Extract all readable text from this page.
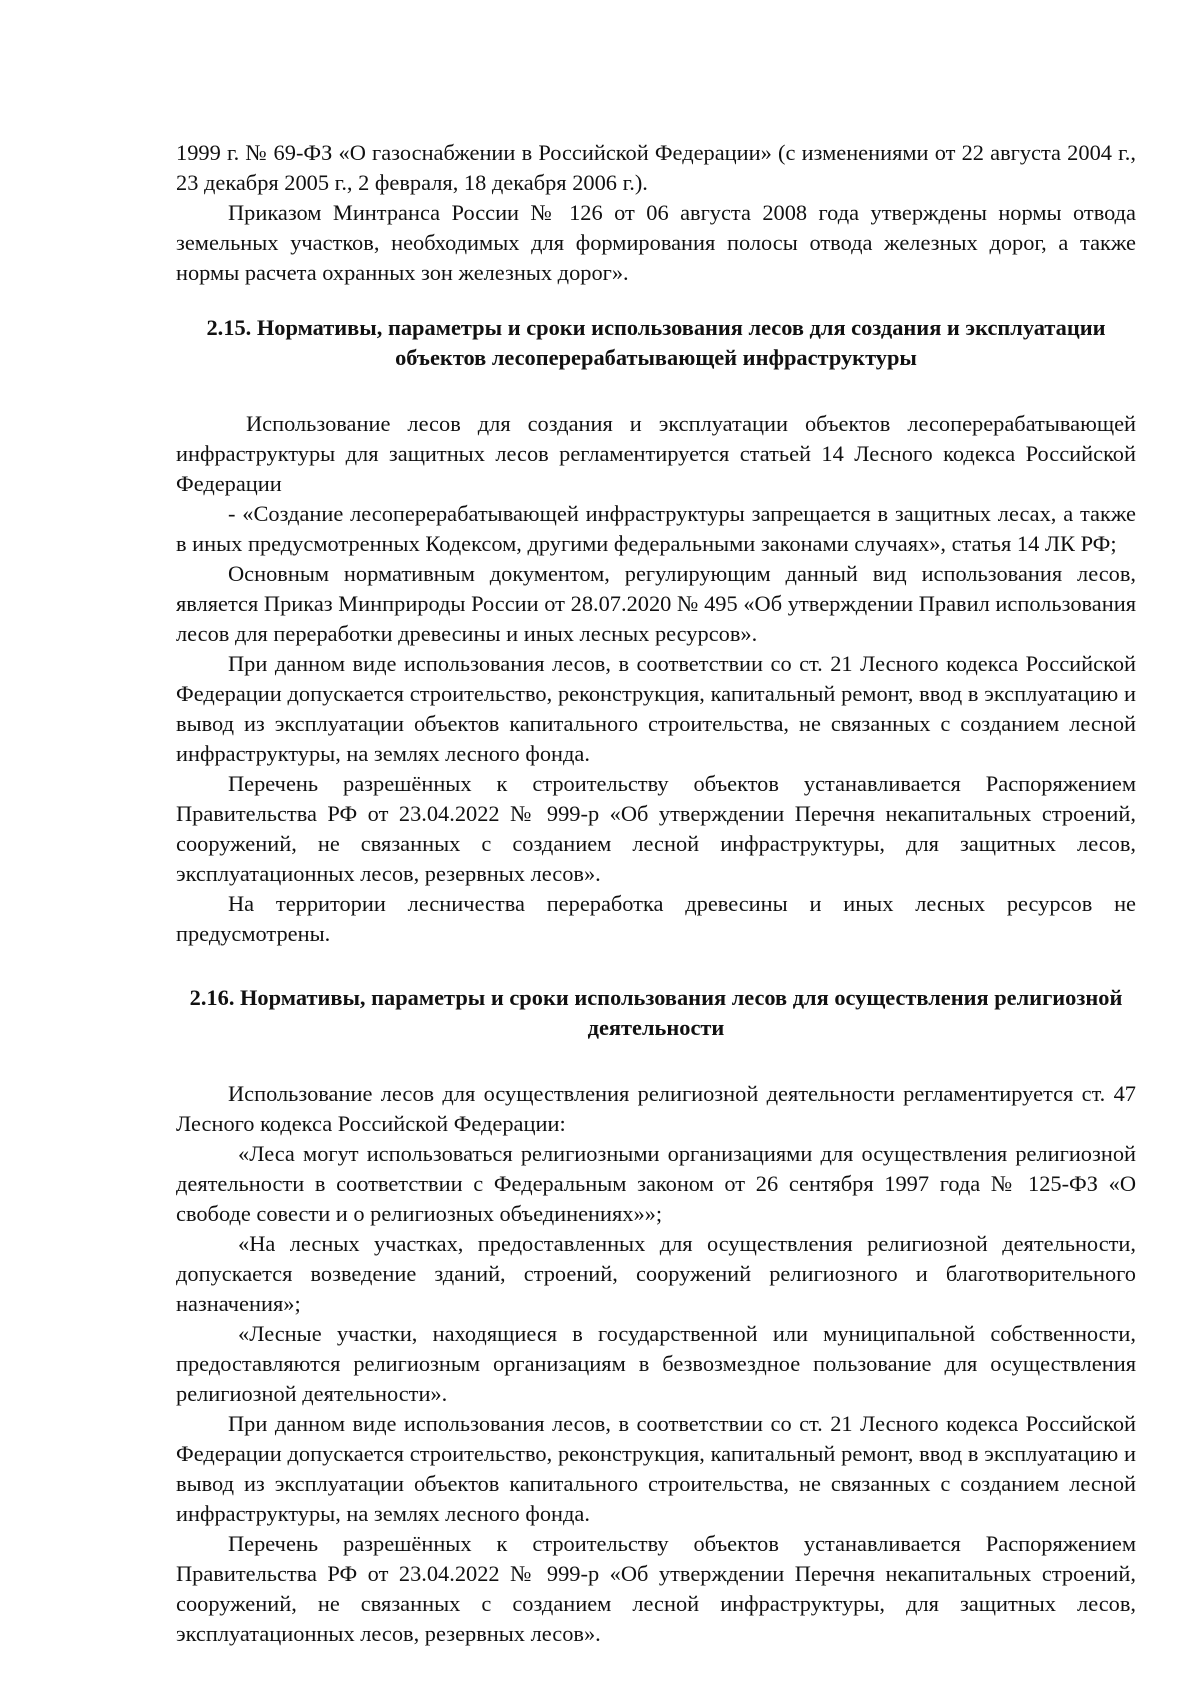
1999 г. № 69-ФЗ «О газоснабжении в Российской Федерации» (с изменениями от 22 августа 2004 г., 23 декабря 2005 г., 2 февраля, 18 декабря 2006 г.).

Приказом Минтранса России № 126 от 06 августа 2008 года утверждены нормы отвода земельных участков, необходимых для формирования полосы отвода железных дорог, а также нормы расчета охранных зон железных дорог».

2.15. Нормативы, параметры и сроки использования лесов для создания и эксплуатации объектов лесоперерабатывающей инфраструктуры

Использование лесов для создания и эксплуатации объектов лесоперерабатывающей инфраструктуры для защитных лесов регламентируется статьей 14 Лесного кодекса Российской Федерации

- «Создание лесоперерабатывающей инфраструктуры запрещается в защитных лесах, а также в иных предусмотренных Кодексом, другими федеральными законами случаях», статья 14 ЛК РФ;

Основным нормативным документом, регулирующим данный вид использования лесов, является Приказ Минприроды России от 28.07.2020 № 495 «Об утверждении Правил использования лесов для переработки древесины и иных лесных ресурсов».

При данном виде использования лесов, в соответствии со ст. 21 Лесного кодекса Российской Федерации допускается строительство, реконструкция, капитальный ремонт, ввод в эксплуатацию и вывод из эксплуатации объектов капитального строительства, не связанных с созданием лесной инфраструктуры, на землях лесного фонда.

Перечень разрешённых к строительству объектов устанавливается Распоряжением Правительства РФ от 23.04.2022 № 999-р «Об утверждении Перечня некапитальных строений, сооружений, не связанных с созданием лесной инфраструктуры, для защитных лесов, эксплуатационных лесов, резервных лесов».

На территории лесничества переработка древесины и иных лесных ресурсов не предусмотрены.

2.16. Нормативы, параметры и сроки использования лесов для осуществления религиозной деятельности

Использование лесов для осуществления религиозной деятельности регламентируется ст. 47 Лесного кодекса Российской Федерации:

«Леса могут использоваться религиозными организациями для осуществления религиозной деятельности в соответствии с Федеральным законом от 26 сентября 1997 года № 125-ФЗ «О свободе совести и о религиозных объединениях»»;

«На лесных участках, предоставленных для осуществления религиозной деятельности, допускается возведение зданий, строений, сооружений религиозного и благотворительного назначения»;

«Лесные участки, находящиеся в государственной или муниципальной собственности, предоставляются религиозным организациям в безвозмездное пользование для осуществления религиозной деятельности».

При данном виде использования лесов, в соответствии со ст. 21 Лесного кодекса Российской Федерации допускается строительство, реконструкция, капитальный ремонт, ввод в эксплуатацию и вывод из эксплуатации объектов капитального строительства, не связанных с созданием лесной инфраструктуры, на землях лесного фонда.

Перечень разрешённых к строительству объектов устанавливается Распоряжением Правительства РФ от 23.04.2022 № 999-р «Об утверждении Перечня некапитальных строений, сооружений, не связанных с созданием лесной инфраструктуры, для защитных лесов, эксплуатационных лесов, резервных лесов».
